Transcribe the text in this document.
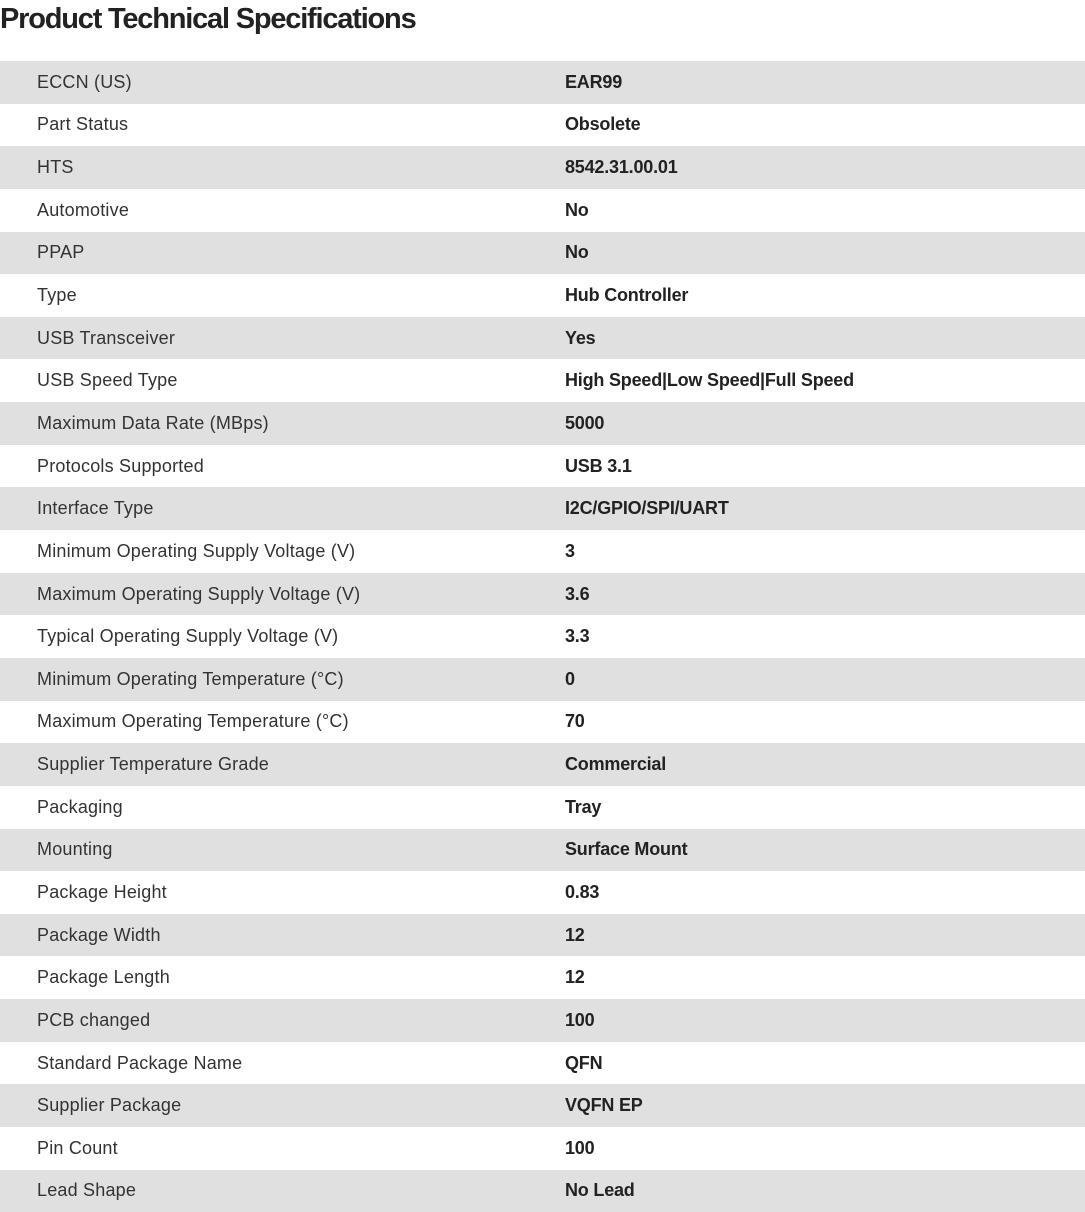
Product Technical Specifications
ECCN (US)	EAR99
Part Status	Obsolete
HTS	8542.31.00.01
Automotive	No
PPAP	No
Type	Hub Controller
USB Transceiver	Yes
USB Speed Type	High Speed|Low Speed|Full Speed
Maximum Data Rate (MBps)	5000
Protocols Supported	USB 3.1
Interface Type	I2C/GPIO/SPI/UART
Minimum Operating Supply Voltage (V)	3
Maximum Operating Supply Voltage (V)	3.6
Typical Operating Supply Voltage (V)	3.3
Minimum Operating Temperature (°C)	0
Maximum Operating Temperature (°C)	70
Supplier Temperature Grade	Commercial
Packaging	Tray
Mounting	Surface Mount
Package Height	0.83
Package Width	12
Package Length	12
PCB changed	100
Standard Package Name	QFN
Supplier Package	VQFN EP
Pin Count	100
Lead Shape	No Lead
